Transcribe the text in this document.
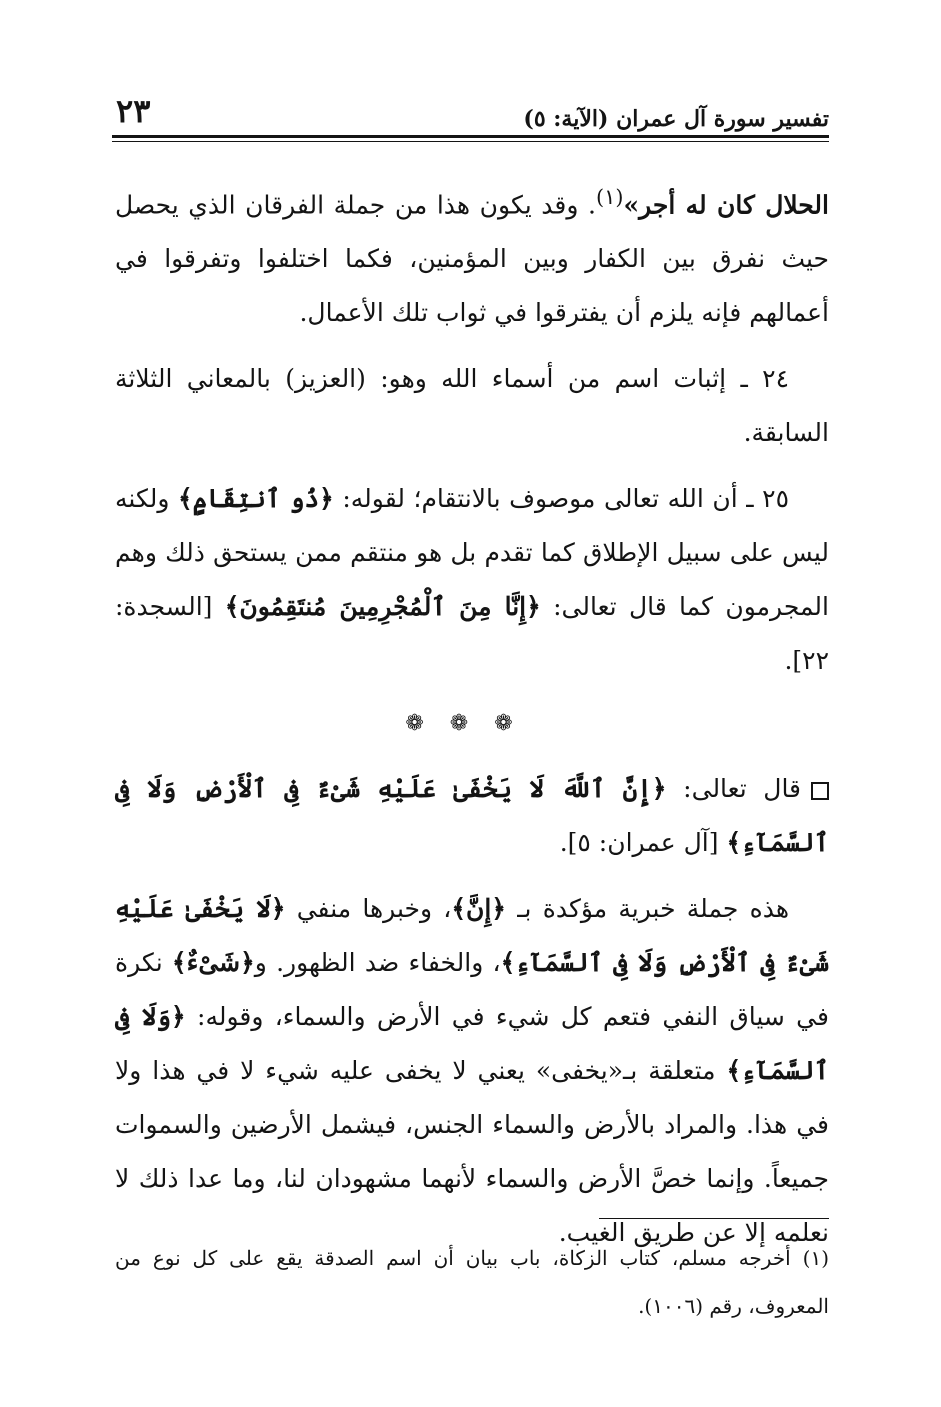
تفسير سورة آل عمران (الآية: ٥)
٢٣

الحلال كان له أجر»$^{(١)}$. وقد يكون هذا من جملة الفرقان الذي يحصل حيث نفرق بين الكفار وبين المؤمنين، فكما اختلفوا وتفرقوا في أعمالهم فإنه يلزم أن يفترقوا في ثواب تلك الأعمال.

٢٤ ـ إثبات اسم من أسماء الله وهو: (العزيز) بالمعاني الثلاثة السابقة.

٢٥ ـ أن الله تعالى موصوف بالانتقام؛ لقوله: ﴿ذُو ٱنتِقَامٍ﴾ ولكنه ليس على سبيل الإطلاق كما تقدم بل هو منتقم ممن يستحق ذلك وهم المجرمون كما قال تعالى: ﴿إِنَّا مِنَ ٱلْمُجْرِمِينَ مُنتَقِمُونَ﴾ [السجدة: ٢٢].

❁❁❁

قال تعالى: ﴿إِنَّ ٱللَّهَ لَا يَخْفَىٰ عَلَيْهِ شَىْءٌ فِى ٱلْأَرْضِ وَلَا فِى ٱلسَّمَآءِ﴾ [آل عمران: ٥].

هذه جملة خبرية مؤكدة بـ ﴿إِنَّ﴾، وخبرها منفي ﴿لَا يَخْفَىٰ عَلَيْهِ شَىْءٌ فِى ٱلْأَرْضِ وَلَا فِى ٱلسَّمَآءِ﴾، والخفاء ضد الظهور. و﴿شَىْءٌ﴾ نكرة في سياق النفي فتعم كل شيء في الأرض والسماء، وقوله: ﴿وَلَا فِى ٱلسَّمَآءِ﴾ متعلقة بـ«يخفى» يعني لا يخفى عليه شيء لا في هذا ولا في هذا. والمراد بالأرض والسماء الجنس، فيشمل الأرضين والسموات جميعاً. وإنما خصَّ الأرض والسماء لأنهما مشهودان لنا، وما عدا ذلك لا نعلمه إلا عن طريق الغيب.

(١) أخرجه مسلم، كتاب الزكاة، باب بيان أن اسم الصدقة يقع على كل نوع من المعروف، رقم (١٠٠٦).
